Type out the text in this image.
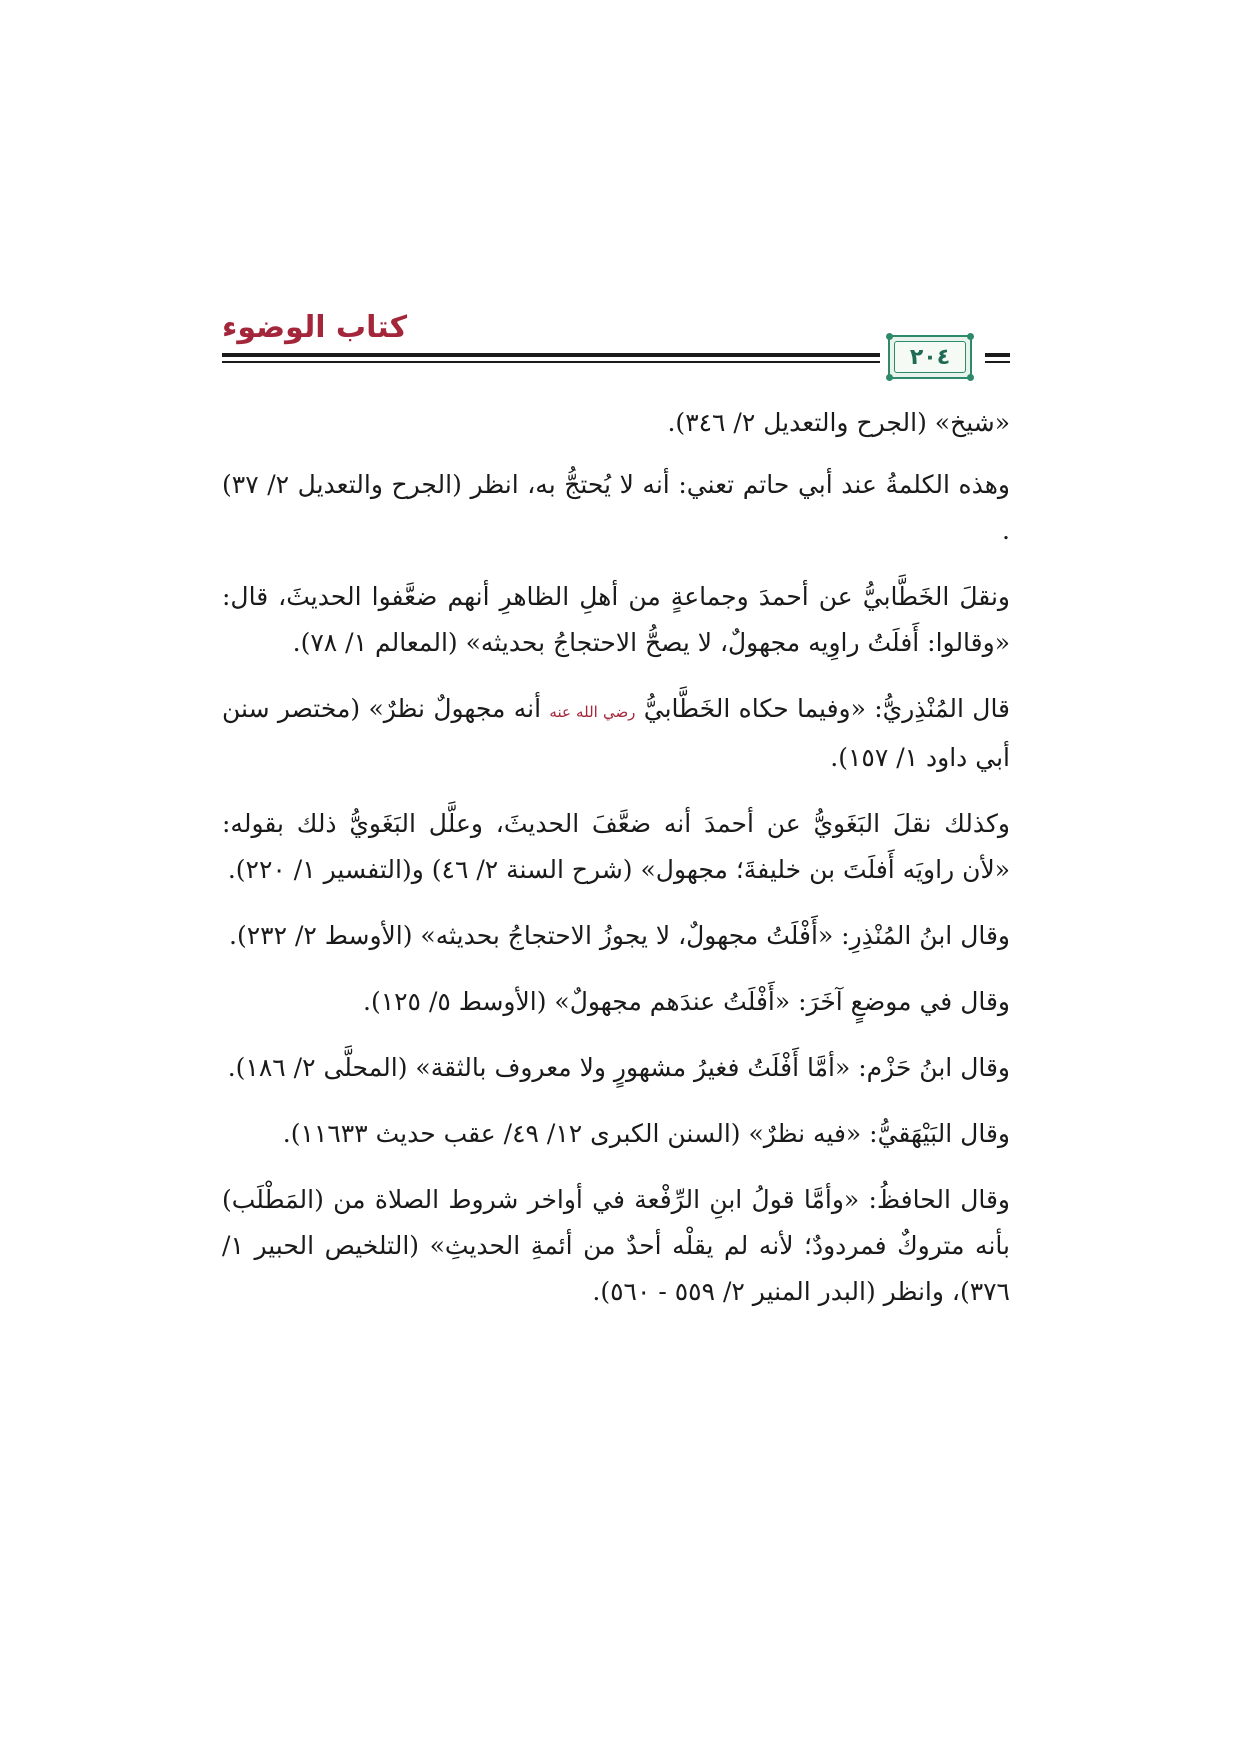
كتاب الوضوء
٢٠٤

«شيخ» (الجرح والتعديل ٢/ ٣٤٦).

وهذه الكلمةُ عند أبي حاتم تعني: أنه لا يُحتجُّ به، انظر (الجرح والتعديل ٢/ ٣٧) .

ونقلَ الخَطَّابيُّ عن أحمدَ وجماعةٍ من أهلِ الظاهرِ أنهم ضعَّفوا الحديثَ، قال: «وقالوا: أَفلَتُ راوِيه مجهولٌ، لا يصحُّ الاحتجاجُ بحديثه» (المعالم ١/ ٧٨).

قال المُنْذِريُّ: «وفيما حكاه الخَطَّابيُّ رضي الله عنه أنه مجهولٌ نظرٌ» (مختصر سنن أبي داود ١/ ١٥٧).

وكذلك نقلَ البَغَويُّ عن أحمدَ أنه ضعَّفَ الحديثَ، وعلَّل البَغَويُّ ذلك بقوله: «لأن راويَه أَفلَتَ بن خليفةَ؛ مجهول» (شرح السنة ٢/ ٤٦) و(التفسير ١/ ٢٢٠).

وقال ابنُ المُنْذِرِ: «أَفْلَتُ مجهولٌ، لا يجوزُ الاحتجاجُ بحديثه» (الأوسط ٢/ ٢٣٢).

وقال في موضعٍ آخَرَ: «أَفْلَتُ عندَهم مجهولٌ» (الأوسط ٥/ ١٢٥).

وقال ابنُ حَزْم: «أمَّا أَفْلَتُ فغيرُ مشهورٍ ولا معروف بالثقة» (المحلَّى ٢/ ١٨٦).

وقال البَيْهَقيُّ: «فيه نظرٌ» (السنن الكبرى ١٢/ ٤٩/ عقب حديث ١١٦٣٣).

وقال الحافظُ: «وأمَّا قولُ ابنِ الرِّفْعة في أواخر شروط الصلاة من (المَطْلَب) بأنه متروكٌ فمردودٌ؛ لأنه لم يقلْه أحدٌ من أئمةِ الحديثِ» (التلخيص الحبير ١/ ٣٧٦)، وانظر (البدر المنير ٢/ ٥٥٩ - ٥٦٠).
